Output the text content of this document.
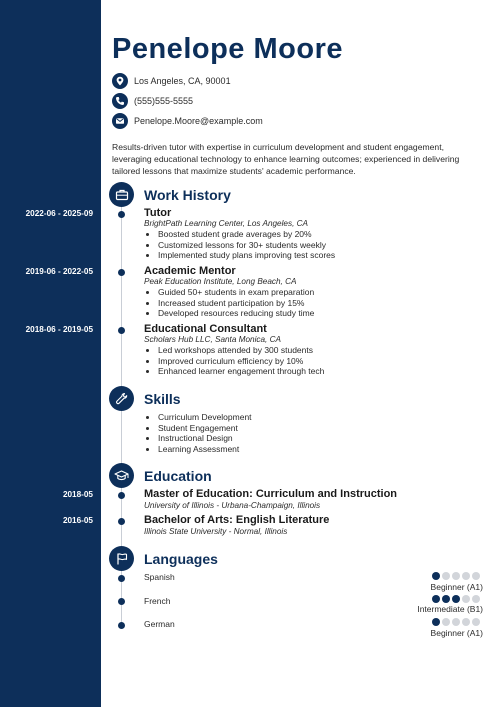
Penelope Moore
Los Angeles, CA, 90001
(555)555-5555
Penelope.Moore@example.com
Results-driven tutor with expertise in curriculum development and student engagement, leveraging educational technology to enhance learning outcomes; experienced in delivering tailored lessons that maximize students' academic performance.
Work History
2022-06 - 2025-09	Tutor
BrightPath Learning Center, Los Angeles, CA
• Boosted student grade averages by 20%
• Customized lessons for 30+ students weekly
• Implemented study plans improving test scores
2019-06 - 2022-05	Academic Mentor
Peak Education Institute, Long Beach, CA
• Guided 50+ students in exam preparation
• Increased student participation by 15%
• Developed resources reducing study time
2018-06 - 2019-05	Educational Consultant
Scholars Hub LLC, Santa Monica, CA
• Led workshops attended by 300 students
• Improved curriculum efficiency by 10%
• Enhanced learner engagement through tech
Skills
• Curriculum Development
• Student Engagement
• Instructional Design
• Learning Assessment
Education
2018-05	Master of Education: Curriculum and Instruction
University of Illinois - Urbana-Champaign, Illinois
2016-05	Bachelor of Arts: English Literature
Illinois State University - Normal, Illinois
Languages
Spanish
Beginner (A1)
French
Intermediate (B1)
German
Beginner (A1)
